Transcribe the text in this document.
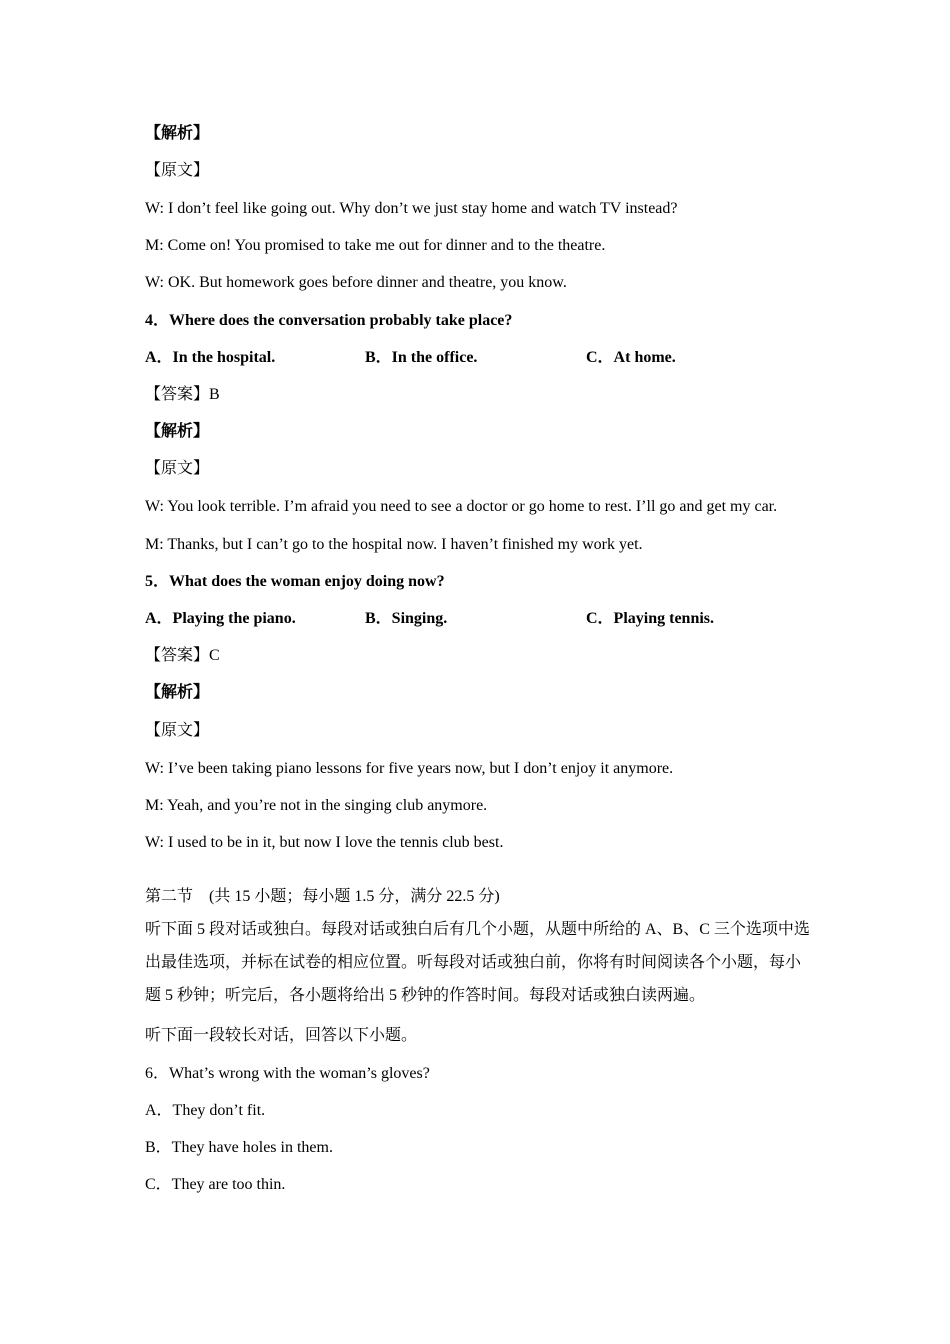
【解析】
【原文】
W: I don’t feel like going out. Why don’t we just stay home and watch TV instead?
M: Come on! You promised to take me out for dinner and to the theatre.
W: OK. But homework goes before dinner and theatre, you know.
4．Where does the conversation probably take place?
A．In the hospital.	B．In the office.	C．At home.
【答案】B
【解析】
【原文】
W: You look terrible. I’m afraid you need to see a doctor or go home to rest. I’ll go and get my car.
M: Thanks, but I can’t go to the hospital now. I haven’t finished my work yet.
5．What does the woman enjoy doing now?
A．Playing the piano.	B．Singing.	C．Playing tennis.
【答案】C
【解析】
【原文】
W: I’ve been taking piano lessons for five years now, but I don’t enjoy it anymore.
M: Yeah, and you’re not in the singing club anymore.
W: I used to be in it, but now I love the tennis club best.
第二节　(共 15 小题；每小题 1.5 分，满分 22.5 分)
听下面 5 段对话或独白。每段对话或独白后有几个小题，从题中所给的 A、B、C 三个选项中选出最佳选项，并标在试卷的相应位置。听每段对话或独白前，你将有时间阅读各个小题，每小题 5 秒钟；听完后，各小题将给出 5 秒钟的作答时间。每段对话或独白读两遍。
听下面一段较长对话，回答以下小题。
6．What’s wrong with the woman’s gloves?
A．They don’t fit.
B．They have holes in them.
C．They are too thin.
